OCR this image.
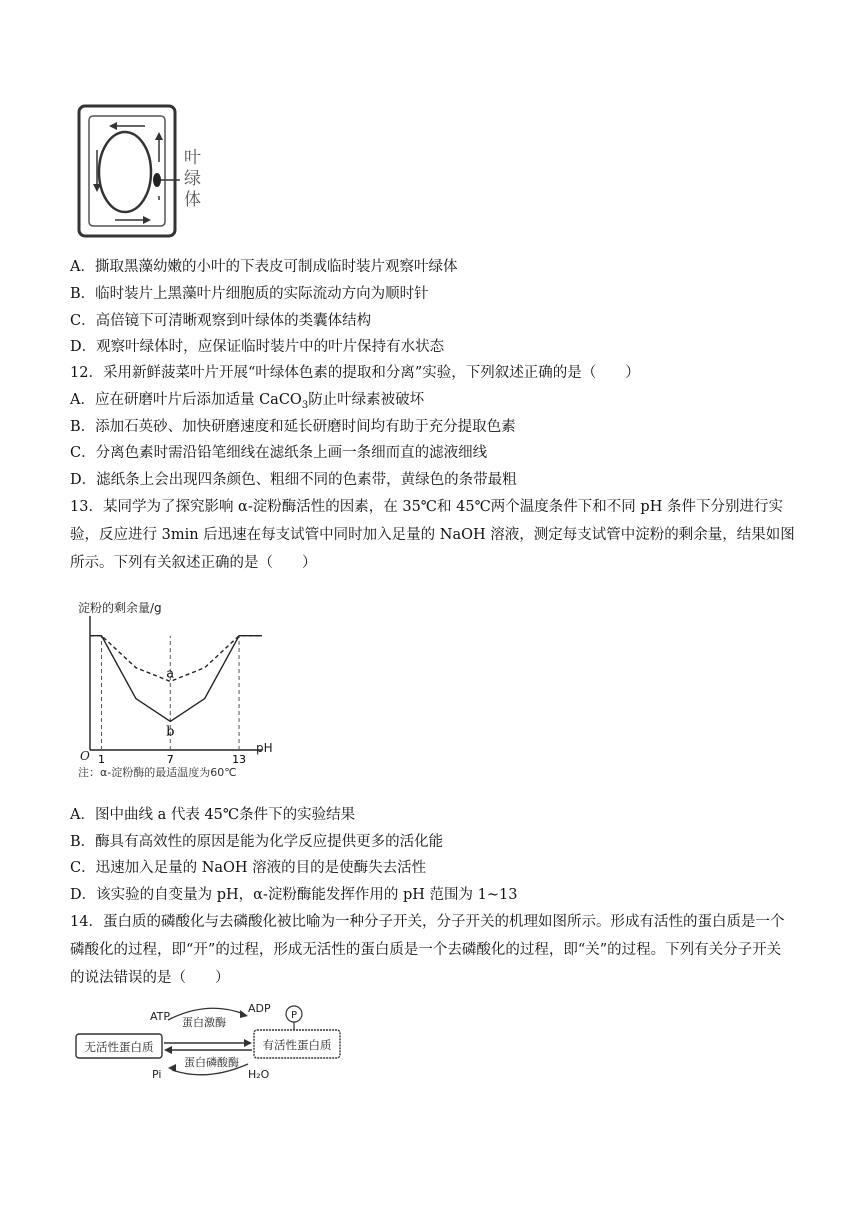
叶绿体
A．撕取黑藻幼嫩的小叶的下表皮可制成临时装片观察叶绿体
B．临时装片上黑藻叶片细胞质的实际流动方向为顺时针
C．高倍镜下可清晰观察到叶绿体的类囊体结构
D．观察叶绿体时，应保证临时装片中的叶片保持有水状态
12．采用新鲜菠菜叶片开展“叶绿体色素的提取和分离”实验，下列叙述正确的是（　　）
A．应在研磨叶片后添加适量 CaCO$_3$防止叶绿素被破坏
B．添加石英砂、加快研磨速度和延长研磨时间均有助于充分提取色素
C．分离色素时需沿铅笔细线在滤纸条上画一条细而直的滤液细线
D．滤纸条上会出现四条颜色、粗细不同的色素带，黄绿色的条带最粗
13．某同学为了探究影响 α-淀粉酶活性的因素，在 35℃和 45℃两个温度条件下和不同 pH 条件下分别进行实验，反应进行 3min 后迅速在每支试管中同时加入足量的 NaOH 溶液，测定每支试管中淀粉的剩余量，结果如图所示。下列有关叙述正确的是（　　）
淀粉的剩余量/g
O
pH
1	7	13
a
b
注：α-淀粉酶的最适温度为60℃
A．图中曲线 a 代表 45℃条件下的实验结果
B．酶具有高效性的原因是能为化学反应提供更多的活化能
C．迅速加入足量的 NaOH 溶液的目的是使酶失去活性
D．该实验的自变量为 pH，α-淀粉酶能发挥作用的 pH 范围为 1~13
14．蛋白质的磷酸化与去磷酸化被比喻为一种分子开关，分子开关的机理如图所示。形成有活性的蛋白质是一个磷酸化的过程，即“开”的过程，形成无活性的蛋白质是一个去磷酸化的过程，即“关”的过程。下列有关分子开关的说法错误的是（　　）
无活性蛋白质	有活性蛋白质
ATP 蛋白激酶
ADP
P
蛋白磷酸酶
H₂O
Pi
